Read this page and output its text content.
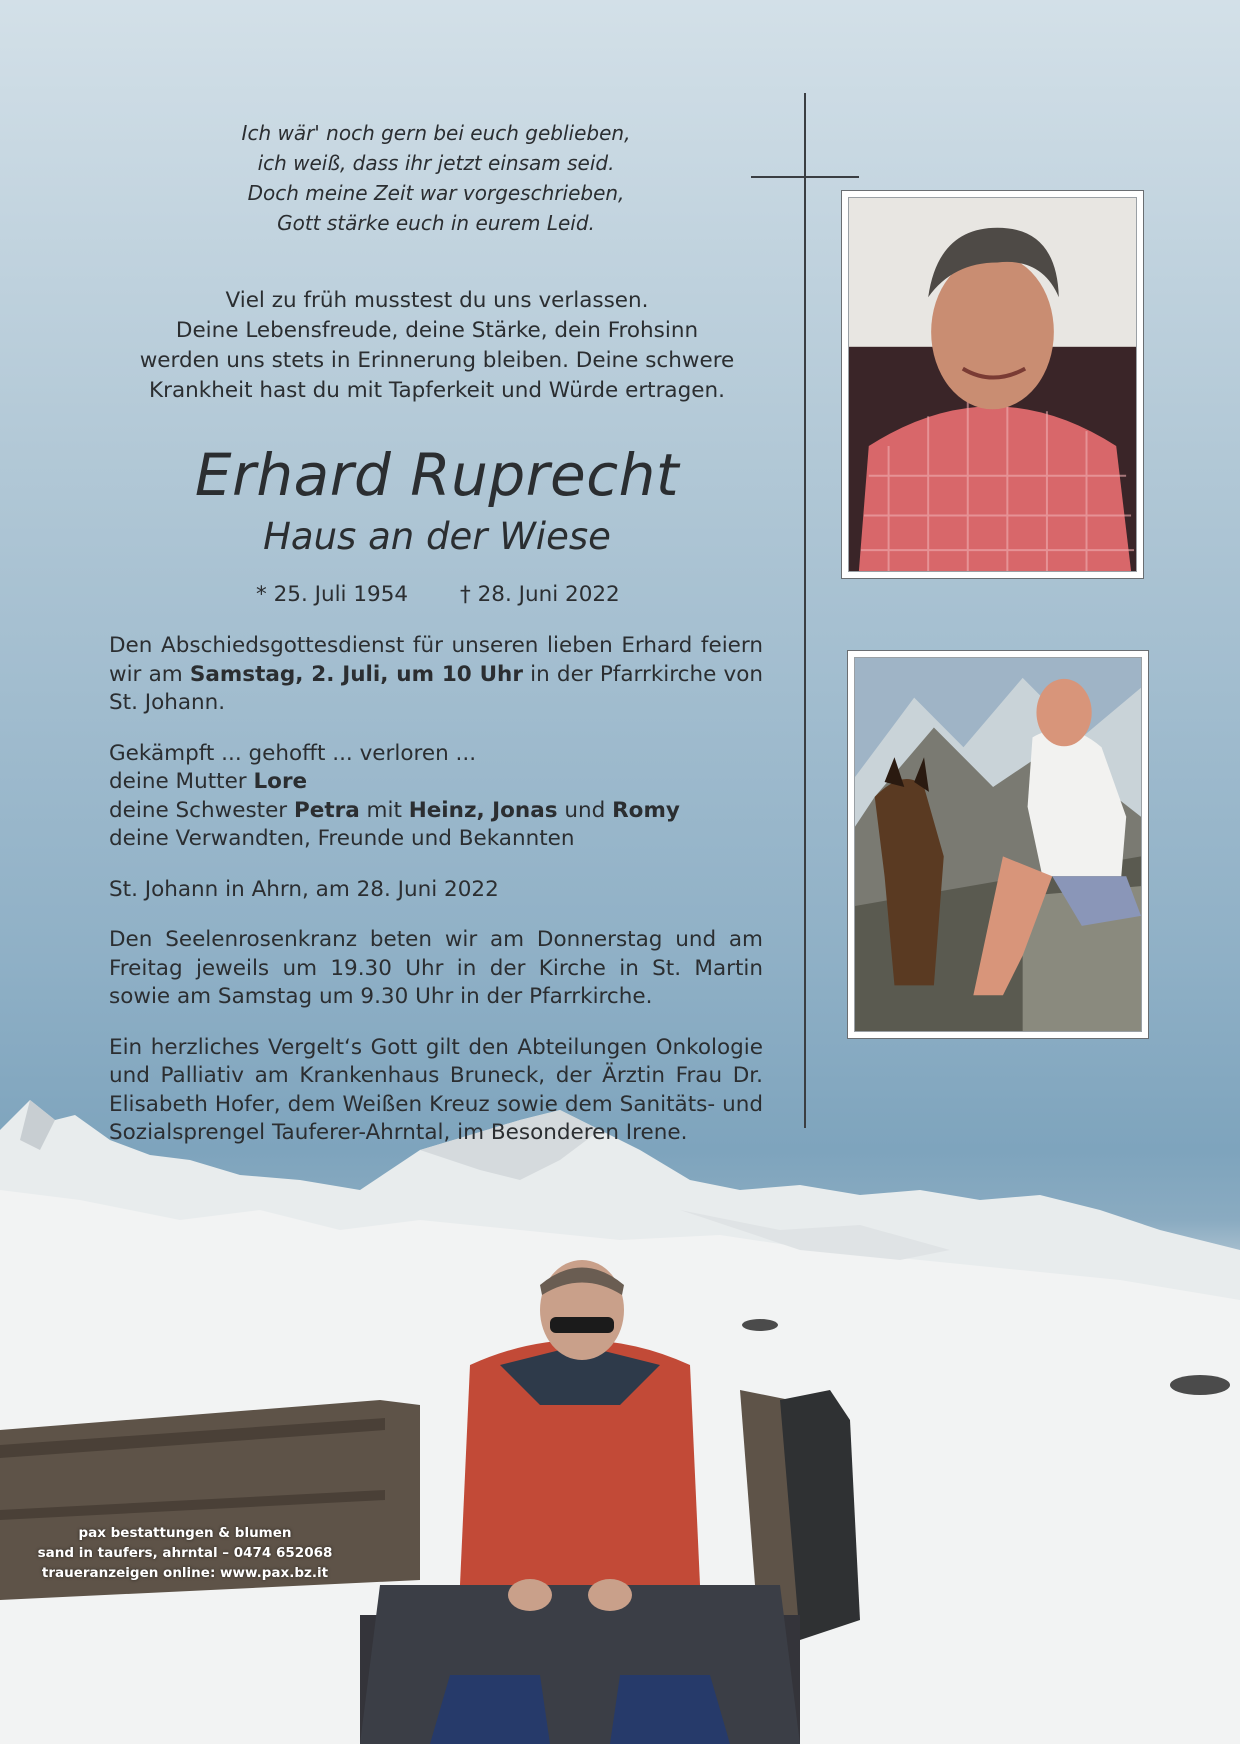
Ich wär' noch gern bei euch geblieben,
ich weiß, dass ihr jetzt einsam seid.
Doch meine Zeit war vorgeschrieben,
Gott stärke euch in eurem Leid.
Viel zu früh musstest du uns verlassen.
Deine Lebensfreude, deine Stärke, dein Frohsinn
werden uns stets in Erinnerung bleiben. Deine schwere
Krankheit hast du mit Tapferkeit und Würde ertragen.
Erhard Ruprecht
Haus an der Wiese
* 25. Juli 1954 † 28. Juni 2022

Den Abschiedsgottesdienst für unseren lieben Erhard feiern wir am Samstag, 2. Juli, um 10 Uhr in der Pfarrkirche von St. Johann.

Gekämpft ... gehofft ... verloren ...
deine Mutter Lore
deine Schwester Petra mit Heinz, Jonas und Romy
deine Verwandten, Freunde und Bekannten

St. Johann in Ahrn, am 28. Juni 2022

Den Seelenrosenkranz beten wir am Donnerstag und am Freitag jeweils um 19.30 Uhr in der Kirche in St. Martin sowie am Samstag um 9.30 Uhr in der Pfarrkirche.

Ein herzliches Vergelt‘s Gott gilt den Abteilungen Onkologie und Palliativ am Krankenhaus Bruneck, der Ärztin Frau Dr. Elisabeth Hofer, dem Weißen Kreuz sowie dem Sanitäts- und Sozialsprengel Tauferer-Ahrntal, im Besonderen Irene.

pax bestattungen & blumen
sand in taufers, ahrntal – 0474 652068
traueranzeigen online: www.pax.bz.it
